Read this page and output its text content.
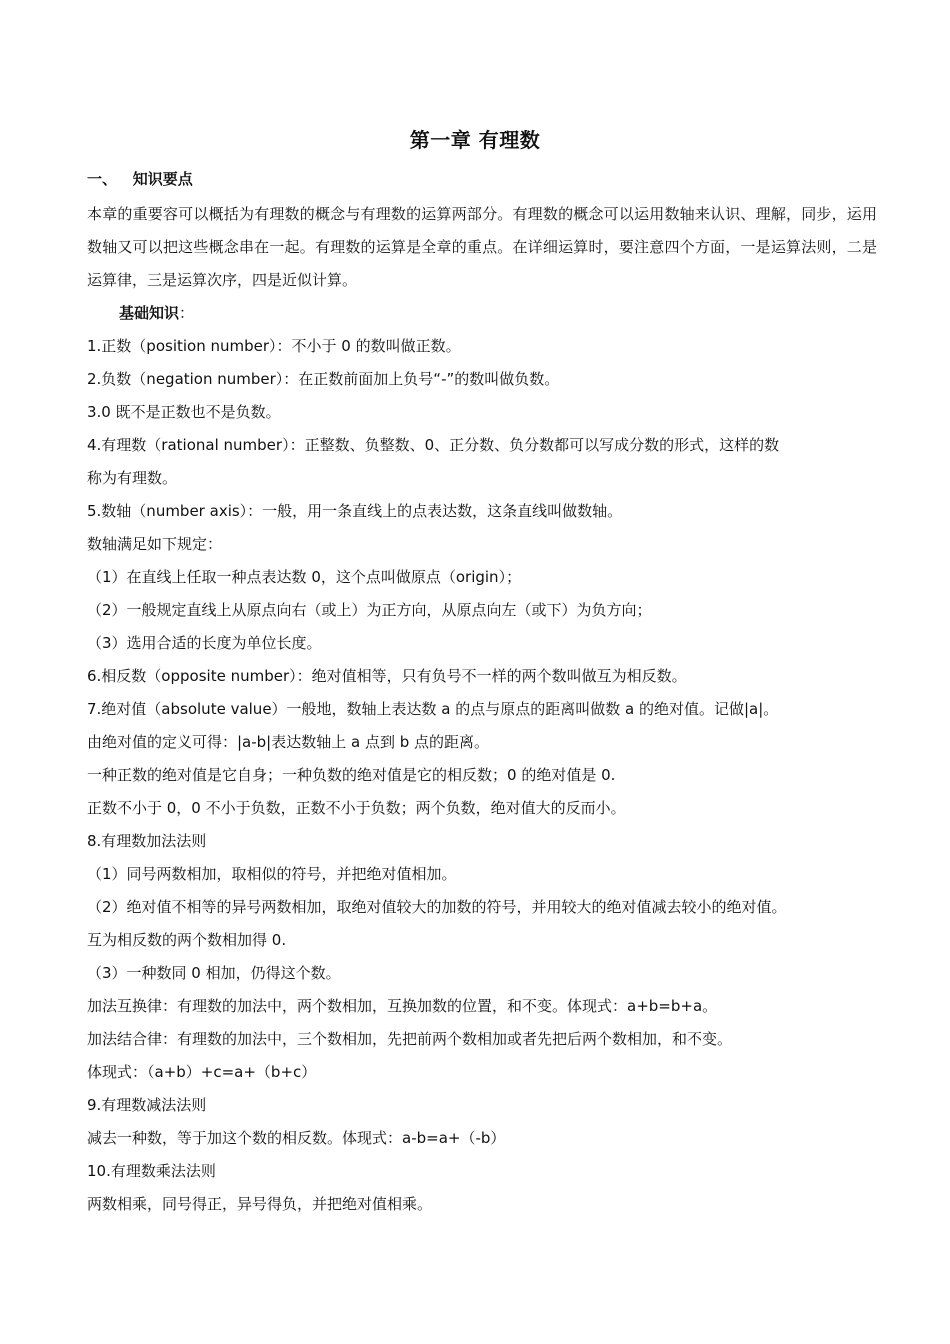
第一章 有理数
一、 知识要点
本章的重要容可以概括为有理数的概念与有理数的运算两部分。有理数的概念可以运用数轴来认识、理解，同步，运用数轴又可以把这些概念串在一起。有理数的运算是全章的重点。在详细运算时，要注意四个方面，一是运算法则，二是运算律，三是运算次序，四是近似计算。
基础知识：
1.正数（position number）：不小于 0 的数叫做正数。
2.负数（negation number）：在正数前面加上负号“-”的数叫做负数。
3.0 既不是正数也不是负数。
4.有理数（rational number）：正整数、负整数、0、正分数、负分数都可以写成分数的形式，这样的数
称为有理数。
5.数轴（number axis）：一般，用一条直线上的点表达数，这条直线叫做数轴。
数轴满足如下规定：
（1）在直线上任取一种点表达数 0，这个点叫做原点（origin）；
（2）一般规定直线上从原点向右（或上）为正方向，从原点向左（或下）为负方向；
（3）选用合适的长度为单位长度。
6.相反数（opposite number）：绝对值相等，只有负号不一样的两个数叫做互为相反数。
7.绝对值（absolute value）一般地，数轴上表达数 a 的点与原点的距离叫做数 a 的绝对值。记做|a|。
由绝对值的定义可得：|a-b|表达数轴上 a 点到 b 点的距离。
一种正数的绝对值是它自身；一种负数的绝对值是它的相反数；0 的绝对值是 0.
正数不小于 0，0 不小于负数，正数不小于负数；两个负数，绝对值大的反而小。
8.有理数加法法则
（1）同号两数相加，取相似的符号，并把绝对值相加。
（2）绝对值不相等的异号两数相加，取绝对值较大的加数的符号，并用较大的绝对值减去较小的绝对值。
互为相反数的两个数相加得 0.
（3）一种数同 0 相加，仍得这个数。
加法互换律：有理数的加法中，两个数相加，互换加数的位置，和不变。体现式：a+b=b+a。
加法结合律：有理数的加法中，三个数相加，先把前两个数相加或者先把后两个数相加，和不变。
体现式：（a+b）+c=a+（b+c）
9.有理数减法法则
减去一种数，等于加这个数的相反数。体现式：a-b=a+（-b）
10.有理数乘法法则
两数相乘，同号得正，异号得负，并把绝对值相乘。
